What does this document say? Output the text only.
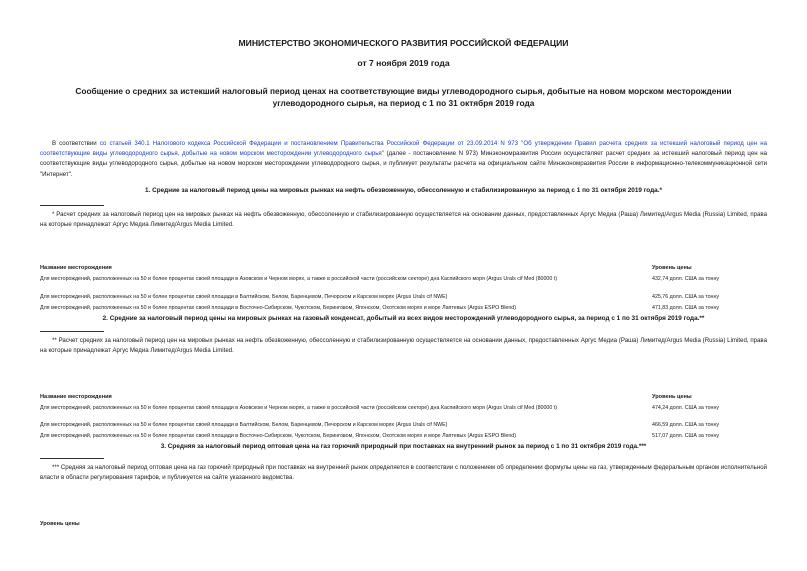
МИНИСТЕРСТВО ЭКОНОМИЧЕСКОГО РАЗВИТИЯ РОССИЙСКОЙ ФЕДЕРАЦИИ
от 7 ноября 2019 года
Сообщение о средних за истекший налоговый период ценах на соответствующие виды углеводородного сырья, добытые на новом морском месторождении углеводородного сырья, на период с 1 по 31 октября 2019 года
В соответствии со статьей 340.1 Налогового кодекса Российской Федерации и постановлением Правительства Российской Федерации от 23.09.2014 N 973 "Об утверждении Правил расчета средних за истекший налоговый период цен на соответствующие виды углеводородного сырья, добытые на новом морском месторождении углеводородного сырья" (далее - постановление N 973) Минэкономразвития России осуществляет расчет средних за истекший налоговый период цен на соответствующие виды углеводородного сырья, добытые на новом морском месторождении углеводородного сырья, и публикует результаты расчета на официальном сайте Минэкономразвития России в информационно-телекоммуникационной сети "Интернет".
1. Средние за налоговый период цены на мировых рынках на нефть обезвоженную, обессоленную и стабилизированную за период с 1 по 31 октября 2019 года.*
* Расчет средних за налоговый период цен на мировых рынках на нефть обезвоженную, обессоленную и стабилизированную осуществляется на основании данных, предоставленных Аргус Медиа (Раша) Лимитед/Argus Media (Russia) Limited, права на которые принадлежат Аргус Медиа Лимитед/Argus Media Limited.
Название месторождения	Уровень цены
Для месторождений, расположенных на 50 и более процентах своей площади в Азовском и Черном морях, а также в российской части (российском секторе) дна Каспийского моря (Argus Urals cif Med (80000 t)	432,74 долл. США за тонну
Для месторождений, расположенных на 50 и более процентах своей площади в Балтийском, Белом, Баренцевом, Печорском и Карском морях (Argus Urals cif NWE)	425,76 долл. США за тонну
Для месторождений, расположенных на 50 и более процентах своей площади в Восточно-Сибирском, Чукотском, Беринговом, Японском, Охотском морях и море Лаптевых (Argus ESPO Blend)	471,83 долл. США за тонну
2. Средние за налоговый период цены на мировых рынках на газовый конденсат, добытый из всех видов месторождений углеводородного сырья, за период с 1 по 31 октября 2019 года.**
** Расчет средних за налоговый период цен на мировых рынках на нефть обезвоженную, обессоленную и стабилизированную осуществляется на основании данных, предоставленных Аргус Медиа (Раша) Лимитед/Argus Media (Russia) Limited, права на которые принадлежат Аргус Медиа Лимитед/Argus Media Limited.
Название месторождения	Уровень цены
Для месторождений, расположенных на 50 и более процентах своей площади в Азовском и Черном морях, а также в российской части (российском секторе) дна Каспийского моря (Argus Urals cif Med (80000 t)	474,24 долл. США за тонну
Для месторождений, расположенных на 50 и более процентах своей площади в Балтийском, Белом, Баренцевом, Печорском и Карском морях (Argus Urals cif NWE)	466,59 долл. США за тонну
Для месторождений, расположенных на 50 и более процентах своей площади в Восточно-Сибирском, Чукотском, Беринговом, Японском, Охотском морях и море Лаптевых (Argus ESPO Blend)	517,07 долл. США за тонну
3. Средняя за налоговый период оптовая цена на газ горючий природный при поставках на внутренний рынок за период с 1 по 31 октября 2019 года.***
*** Средняя за налоговый период оптовая цена на газ горючий природный при поставках на внутренний рынок определяется в соответствии с положением об определении формулы цены на газ, утвержденным федеральным органом исполнительной власти в области регулирования тарифов, и публикуется на сайте указанного ведомства.
Уровень цены
